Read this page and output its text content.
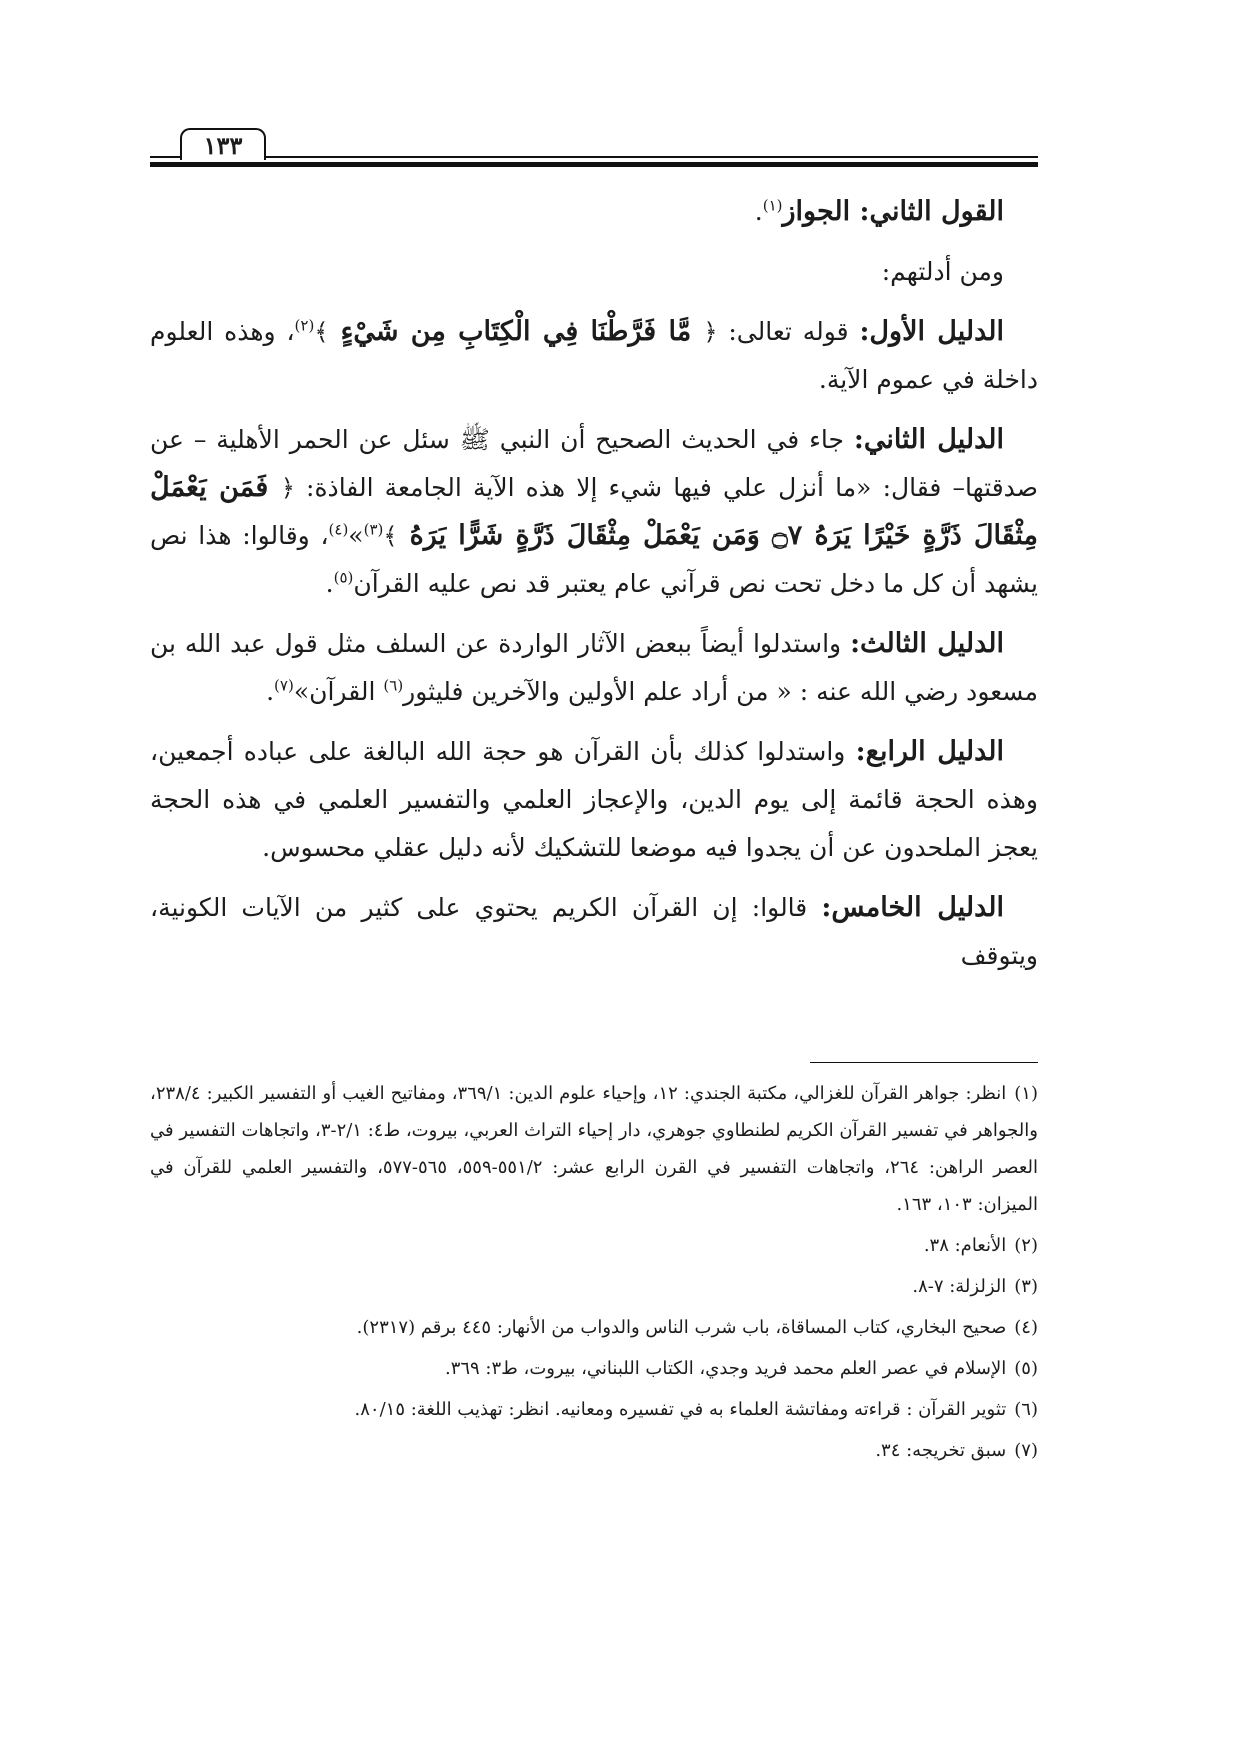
١٣٣

القول الثاني: الجواز$^{(١)}$.

ومن أدلتهم:

الدليل الأول: قوله تعالى: ﴿ مَّا فَرَّطْنَا فِي الْكِتَابِ مِن شَيْءٍ ﴾$^{(٢)}$، وهذه العلوم داخلة في عموم الآية.

الدليل الثاني: جاء في الحديث الصحيح أن النبي ﷺ سئل عن الحمر الأهلية – عن صدقتها– فقال: «ما أنزل علي فيها شيء إلا هذه الآية الجامعة الفاذة: ﴿ فَمَن يَعْمَلْ مِثْقَالَ ذَرَّةٍ خَيْرًا يَرَهُ ۝٧ وَمَن يَعْمَلْ مِثْقَالَ ذَرَّةٍ شَرًّا يَرَهُ ﴾$^{(٣)}$»$^{(٤)}$، وقالوا: هذا نص يشهد أن كل ما دخل تحت نص قرآني عام يعتبر قد نص عليه القرآن$^{(٥)}$.

الدليل الثالث: واستدلوا أيضاً ببعض الآثار الواردة عن السلف مثل قول عبد الله بن مسعود رضي الله عنه : « من أراد علم الأولين والآخرين فليثور$^{(٦)}$ القرآن»$^{(٧)}$.

الدليل الرابع: واستدلوا كذلك بأن القرآن هو حجة الله البالغة على عباده أجمعين، وهذه الحجة قائمة إلى يوم الدين، والإعجاز العلمي والتفسير العلمي في هذه الحجة يعجز الملحدون عن أن يجدوا فيه موضعا للتشكيك لأنه دليل عقلي محسوس.

الدليل الخامس: قالوا: إن القرآن الكريم يحتوي على كثير من الآيات الكونية، ويتوقف

(١)انظر: جواهر القرآن للغزالي، مكتبة الجندي: ١٢، وإحياء علوم الدين: ٣٦٩/١، ومفاتيح الغيب أو التفسير الكبير: ٢٣٨/٤، والجواهر في تفسير القرآن الكريم لطنطاوي جوهري، دار إحياء التراث العربي، بيروت، ط٤: ٢/١-٣، واتجاهات التفسير في العصر الراهن: ٢٦٤، واتجاهات التفسير في القرن الرابع عشر: ٥٥١/٢-٥٥٩، ٥٦٥-٥٧٧، والتفسير العلمي للقرآن في الميزان: ١٠٣، ١٦٣.
(٢)الأنعام: ٣٨.
(٣)الزلزلة: ٧-٨.
(٤)صحيح البخاري، كتاب المساقاة، باب شرب الناس والدواب من الأنهار: ٤٤٥ برقم (٢٣١٧).
(٥)الإسلام في عصر العلم محمد فريد وجدي، الكتاب اللبناني، بيروت، ط٣: ٣٦٩.
(٦)تثوير القرآن : قراءته ومفاتشة العلماء به في تفسيره ومعانيه. انظر: تهذيب اللغة: ٨٠/١٥.
(٧)سبق تخريجه: ٣٤.
